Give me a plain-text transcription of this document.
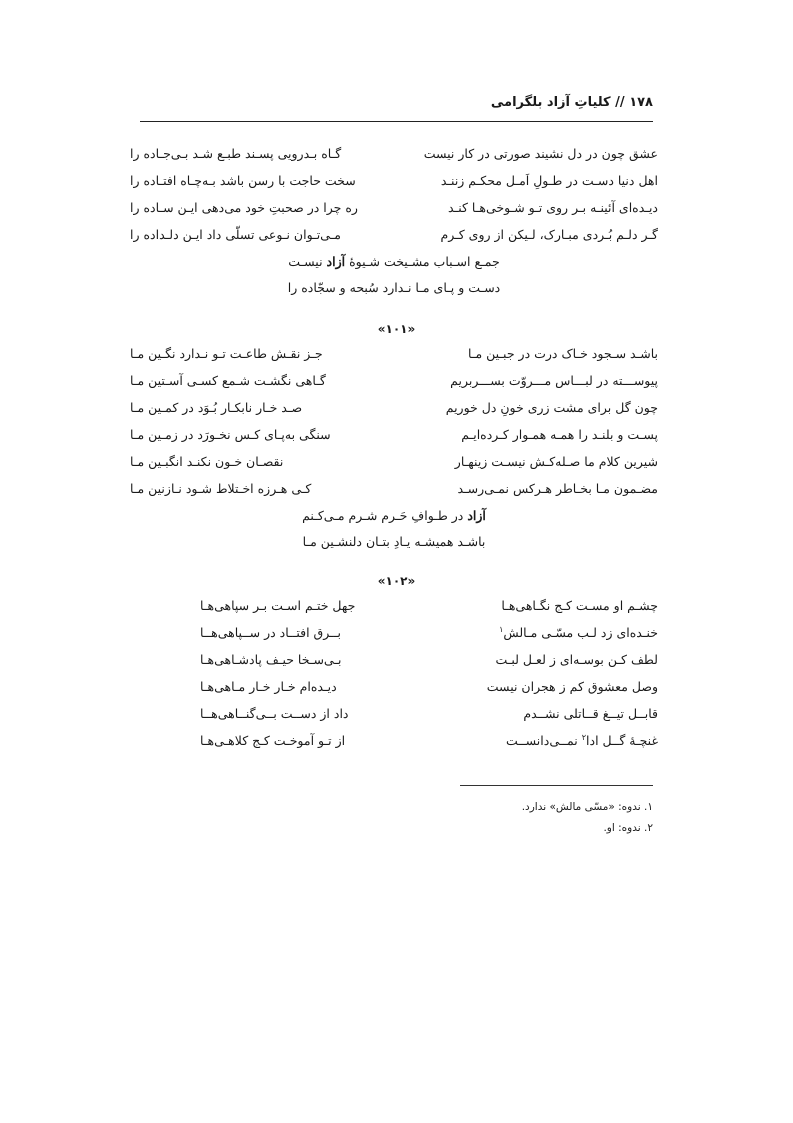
۱۷۸ // کلیاتِ آزاد بلگرامی
عشق چون در دل نشیند صورتی در کار نیست
گـاه بـدرویی پسـند طبـع شـد بـی‌جـاده را
اهل دنیا دسـت در طـولِ اَمـل محکـم زننـد
سخت حاجت با رسن باشد بـه‌چـاه افتـاده را
دیـده‌ای آئینـه بـر روی تـو شـوخی‌هـا کنـد
ره چرا در صحبتِ خود می‌دهی ایـن سـاده را
گـر دلـم بُـردی مبـارک، لـیکن از روی کـرم
مـی‌تـوان نـوعی تسلّی داد ایـن دلـداده را
جمـع اسـباب مشـیخت شـیوهٔ آزاد نیسـت
دسـت و پـای مـا نـدارد سُبحه و سجّاده را
«۱۰۱»
باشـد سـجود خـاک درت در جبـین مـا
جـز نقـش طاعـت تـو نـدارد نگـین مـا
پیوســـته در لبـــاس مـــروّت بســـربریم
گـاهی نگشـت شـمع کسـی آسـتین مـا
چون گل برای مشت زری خونِ دل خوریم
صـد خـار نابکـار بُـوَد در کمـین مـا
پسـت و بلنـد را همـه همـوار کـرده‌ایـم
سنگی به‌پـای کـس نخـورَد در زمـین مـا
شیرین کلام ما صـله‌کـش نیسـت زینهـار
نقصـان خـون نکنـد انگبـین مـا
مضـمون مـا بخـاطر هـرکس نمـی‌رسـد
کـی هـرزه اخـتلاط شـود نـازنین مـا
آزاد در طـوافِ حَـرم شـرم مـی‌کـنم
باشـد همیشـه یـادِ بتـان دلنشـین مـا
«۱۰۲»
چشـم او مسـت کـج نگـاهی‌هـا
جهل ختـم اسـت بـر سپاهی‌هـا
خنـده‌ای زد لـب مسّـی مـالش$^۱$
بــرق افتــاد در ســپاهی‌هــا
لطف کـن بوسـه‌ای ز لعـل لبـت
بـی‌سـخا حیـف پادشـاهی‌هـا
وصل معشوق کم ز هجران نیست
دیـده‌ام خـار خـار مـاهی‌هـا
قابــل تیــغ قــاتلی نشــدم
داد از دســت بــی‌گنــاهی‌هــا
غنچـهٔ گــل ادا$^۲$ نمــی‌دانســت
از تـو آموخـت کـج کلاهـی‌هـا
۱. ندوه: «مسّی مالش» ندارد.
۲. ندوه: او.
